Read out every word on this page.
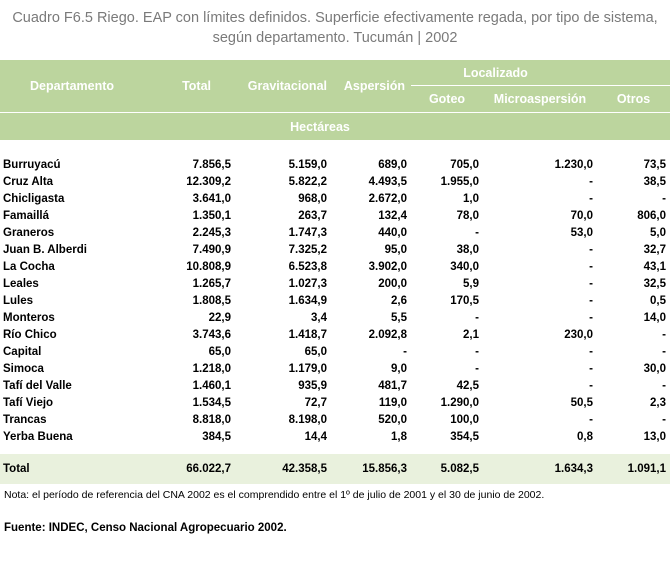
Cuadro F6.5 Riego. EAP con límites definidos. Superficie efectivamente regada, por tipo de sistema,
según departamento. Tucumán | 2002
Departamento	Total	Gravitacional	Aspersión	Localizado		
				Goteo	Microaspersión	Otros
Hectáreas						

Burruyacú	7.856,5	5.159,0	689,0	705,0	1.230,0	73,5
Cruz Alta	12.309,2	5.822,2	4.493,5	1.955,0	-	38,5
Chicligasta	3.641,0	968,0	2.672,0	1,0	-	-
Famaillá	1.350,1	263,7	132,4	78,0	70,0	806,0
Graneros	2.245,3	1.747,3	440,0	-	53,0	5,0
Juan B. Alberdi	7.490,9	7.325,2	95,0	38,0	-	32,7
La Cocha	10.808,9	6.523,8	3.902,0	340,0	-	43,1
Leales	1.265,7	1.027,3	200,0	5,9	-	32,5
Lules	1.808,5	1.634,9	2,6	170,5	-	0,5
Monteros	22,9	3,4	5,5	-	-	14,0
Río Chico	3.743,6	1.418,7	2.092,8	2,1	230,0	-
Capital	65,0	65,0	-	-	-	-
Simoca	1.218,0	1.179,0	9,0	-	-	30,0
Tafí del Valle	1.460,1	935,9	481,7	42,5	-	-
Tafí Viejo	1.534,5	72,7	119,0	1.290,0	50,5	2,3
Trancas	8.818,0	8.198,0	520,0	100,0	-	-
Yerba Buena	384,5	14,4	1,8	354,5	0,8	13,0

Total	66.022,7	42.358,5	15.856,3	5.082,5	1.634,3	1.091,1
Nota: el período de referencia del CNA 2002 es el comprendido entre el 1º de julio de 2001 y el 30 de junio de 2002.
Fuente: INDEC, Censo Nacional Agropecuario 2002.
